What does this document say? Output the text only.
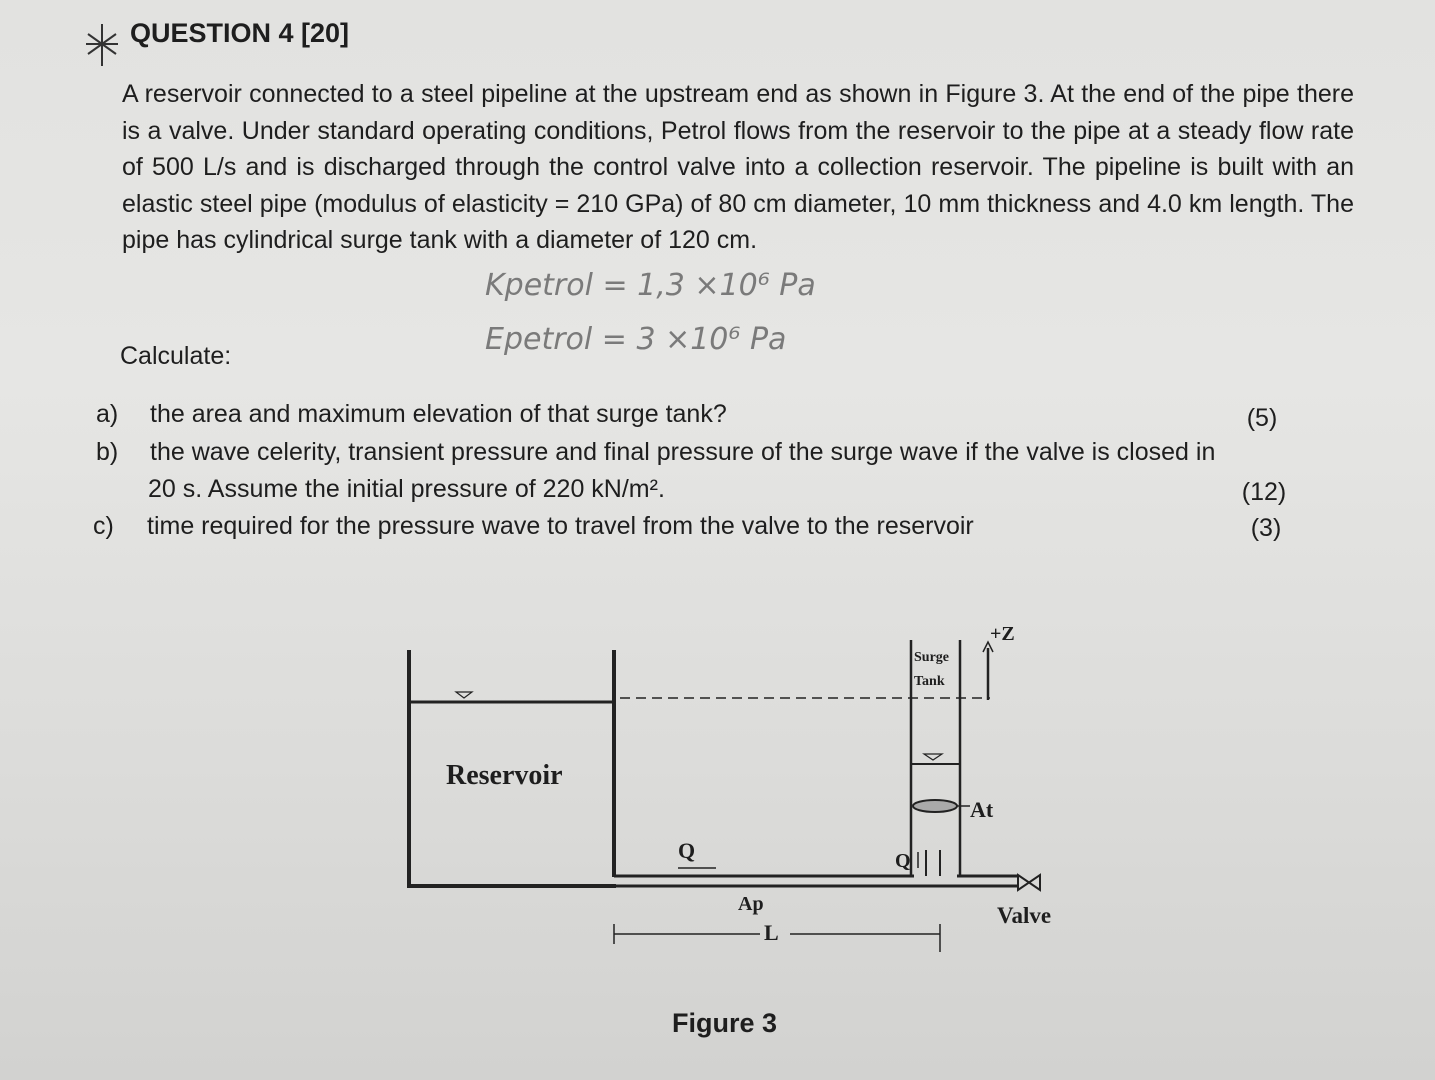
QUESTION 4 [20]
A reservoir connected to a steel pipeline at the upstream end as shown in Figure 3. At the end of the pipe there is a valve. Under standard operating conditions, Petrol flows from the reservoir to the pipe at a steady flow rate of 500 L/s and is discharged through the control valve into a collection reservoir. The pipeline is built with an elastic steel pipe (modulus of elasticity = 210 GPa) of 80 cm diameter, 10 mm thickness and 4.0 km length. The pipe has cylindrical surge tank with a diameter of 120 cm.
Kpetrol = 1,3 ×10⁶ Pa
Epetrol = 3 ×10⁶ Pa
Calculate:
a) the area and maximum elevation of that surge tank?	(5)
b) the wave celerity, transient pressure and final pressure of the surge wave if the valve is closed in
20 s. Assume the initial pressure of 220 kN/m².	(12)
c) time required for the pressure wave to travel from the valve to the reservoir	(3)
Reservoir
Surge
Tank
+Z
At
Q	Q
Ap
L
Valve
Figure 3
